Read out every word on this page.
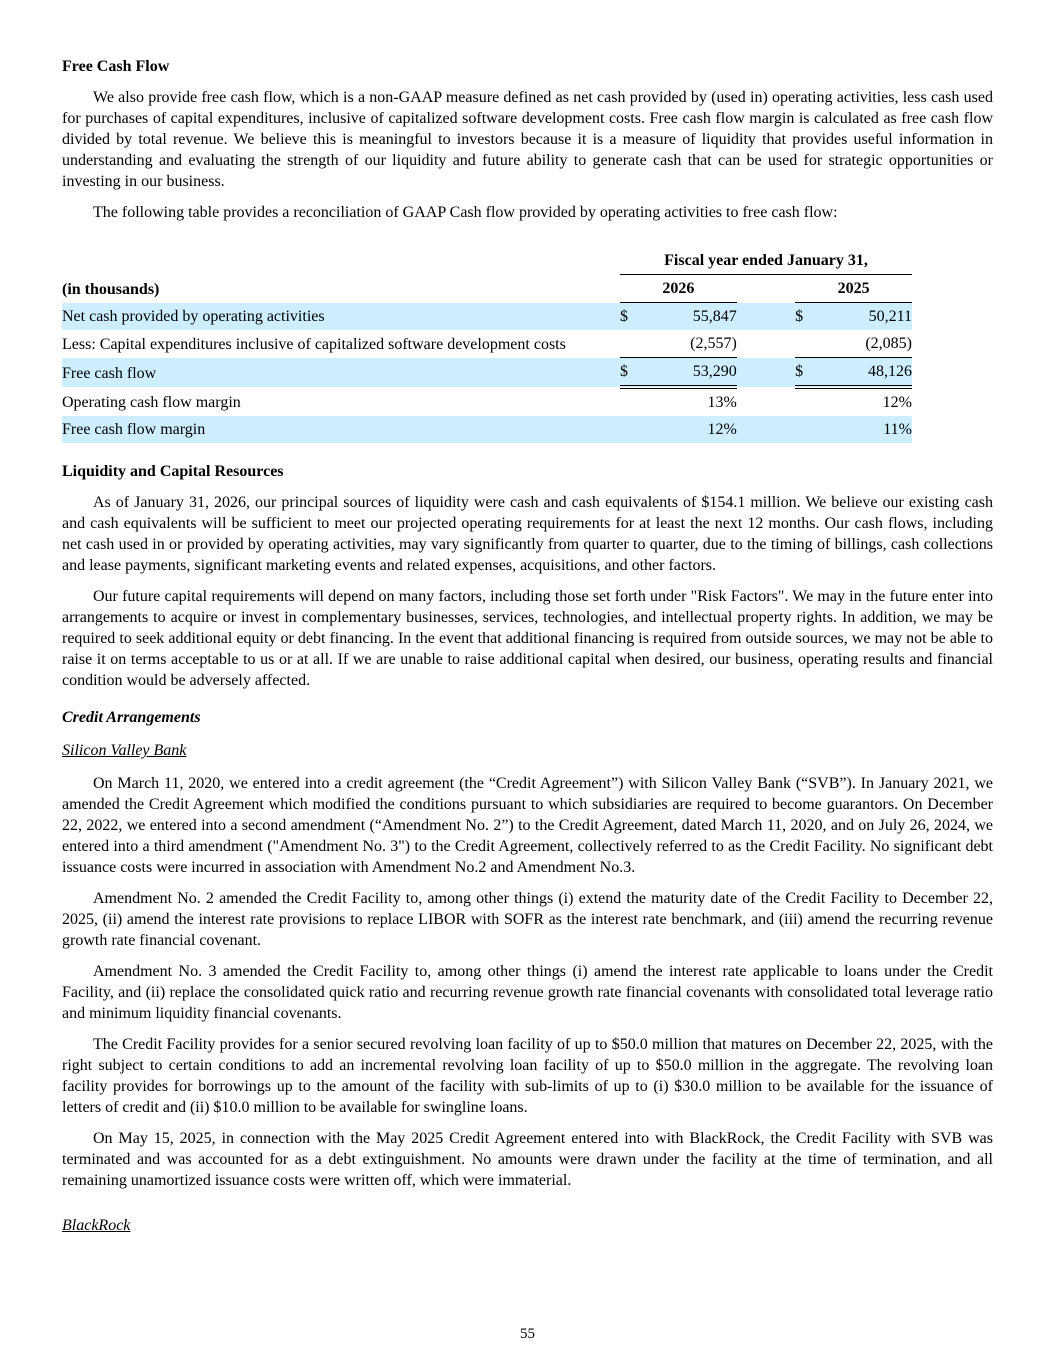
Free Cash Flow

We also provide free cash flow, which is a non-GAAP measure defined as net cash provided by (used in) operating activities, less cash used for purchases of capital expenditures, inclusive of capitalized software development costs. Free cash flow margin is calculated as free cash flow divided by total revenue. We believe this is meaningful to investors because it is a measure of liquidity that provides useful information in understanding and evaluating the strength of our liquidity and future ability to generate cash that can be used for strategic opportunities or investing in our business.

The following table provides a reconciliation of GAAP Cash flow provided by operating activities to free cash flow:

	Fiscal year ended January 31,				
(in thousands)	2026			2025	
Net cash provided by operating activities	$	55,847		$	50,211
Less: Capital expenditures inclusive of capitalized software development costs		(2,557)			(2,085)
Free cash flow	$	53,290		$	48,126
Operating cash flow margin		13%			12%
Free cash flow margin		12%			11%
Liquidity and Capital Resources

As of January 31, 2026, our principal sources of liquidity were cash and cash equivalents of $154.1 million. We believe our existing cash and cash equivalents will be sufficient to meet our projected operating requirements for at least the next 12 months. Our cash flows, including net cash used in or provided by operating activities, may vary significantly from quarter to quarter, due to the timing of billings, cash collections and lease payments, significant marketing events and related expenses, acquisitions, and other factors.

Our future capital requirements will depend on many factors, including those set forth under "Risk Factors". We may in the future enter into arrangements to acquire or invest in complementary businesses, services, technologies, and intellectual property rights. In addition, we may be required to seek additional equity or debt financing. In the event that additional financing is required from outside sources, we may not be able to raise it on terms acceptable to us or at all. If we are unable to raise additional capital when desired, our business, operating results and financial condition would be adversely affected.

Credit Arrangements
Silicon Valley Bank

On March 11, 2020, we entered into a credit agreement (the “Credit Agreement”) with Silicon Valley Bank (“SVB”). In January 2021, we amended the Credit Agreement which modified the conditions pursuant to which subsidiaries are required to become guarantors. On December 22, 2022, we entered into a second amendment (“Amendment No. 2”) to the Credit Agreement, dated March 11, 2020, and on July 26, 2024, we entered into a third amendment ("Amendment No. 3") to the Credit Agreement, collectively referred to as the Credit Facility. No significant debt issuance costs were incurred in association with Amendment No.2 and Amendment No.3.

Amendment No. 2 amended the Credit Facility to, among other things (i) extend the maturity date of the Credit Facility to December 22, 2025, (ii) amend the interest rate provisions to replace LIBOR with SOFR as the interest rate benchmark, and (iii) amend the recurring revenue growth rate financial covenant.

Amendment No. 3 amended the Credit Facility to, among other things (i) amend the interest rate applicable to loans under the Credit Facility, and (ii) replace the consolidated quick ratio and recurring revenue growth rate financial covenants with consolidated total leverage ratio and minimum liquidity financial covenants.

The Credit Facility provides for a senior secured revolving loan facility of up to $50.0 million that matures on December 22, 2025, with the right subject to certain conditions to add an incremental revolving loan facility of up to $50.0 million in the aggregate. The revolving loan facility provides for borrowings up to the amount of the facility with sub-limits of up to (i) $30.0 million to be available for the issuance of letters of credit and (ii) $10.0 million to be available for swingline loans.

On May 15, 2025, in connection with the May 2025 Credit Agreement entered into with BlackRock, the Credit Facility with SVB was terminated and was accounted for as a debt extinguishment. No amounts were drawn under the facility at the time of termination, and all remaining unamortized issuance costs were written off, which were immaterial.

BlackRock
55
